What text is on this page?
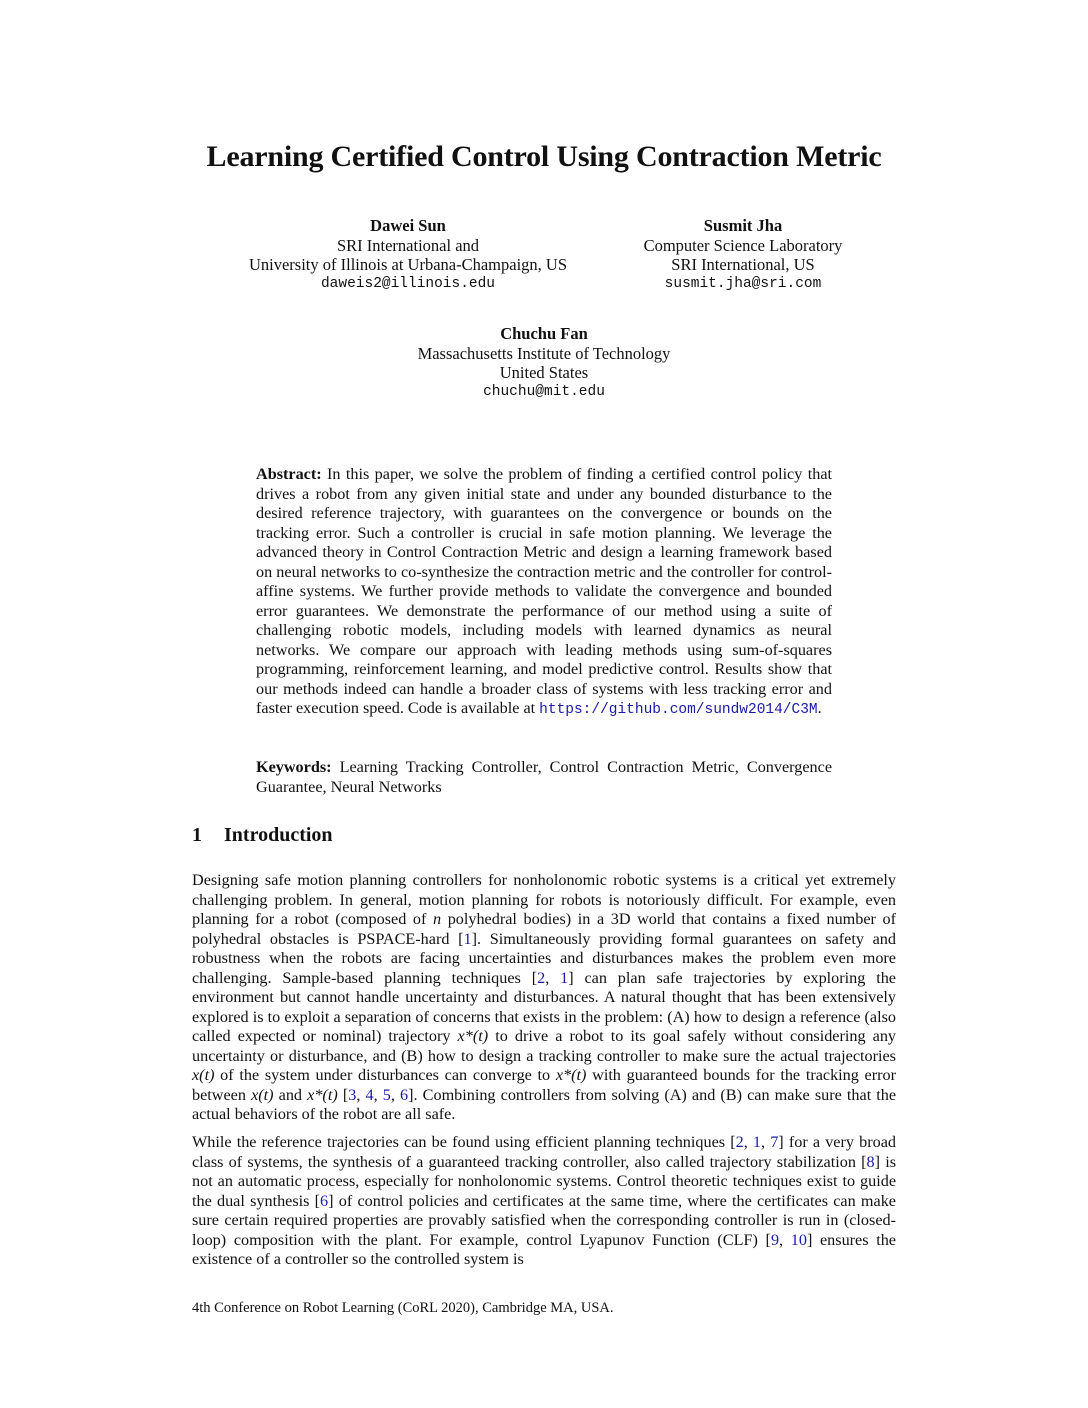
Learning Certified Control Using Contraction Metric
Dawei Sun
SRI International and
University of Illinois at Urbana-Champaign, US
daweis2@illinois.edu
Susmit Jha
Computer Science Laboratory
SRI International, US
susmit.jha@sri.com
Chuchu Fan
Massachusetts Institute of Technology
United States
chuchu@mit.edu
Abstract: In this paper, we solve the problem of finding a certified control policy that drives a robot from any given initial state and under any bounded disturbance to the desired reference trajectory, with guarantees on the convergence or bounds on the tracking error. Such a controller is crucial in safe motion planning. We leverage the advanced theory in Control Contraction Metric and design a learning framework based on neural networks to co-synthesize the contraction metric and the controller for control-affine systems. We further provide methods to validate the convergence and bounded error guarantees. We demonstrate the performance of our method using a suite of challenging robotic models, including models with learned dynamics as neural networks. We compare our approach with leading methods using sum-of-squares programming, reinforcement learning, and model predictive control. Results show that our methods indeed can handle a broader class of systems with less tracking error and faster execution speed. Code is available at https://github.com/sundw2014/C3M.
Keywords: Learning Tracking Controller, Control Contraction Metric, Convergence Guarantee, Neural Networks
1 Introduction
Designing safe motion planning controllers for nonholonomic robotic systems is a critical yet extremely challenging problem. In general, motion planning for robots is notoriously difficult. For example, even planning for a robot (composed of n polyhedral bodies) in a 3D world that contains a fixed number of polyhedral obstacles is PSPACE-hard [1]. Simultaneously providing formal guarantees on safety and robustness when the robots are facing uncertainties and disturbances makes the problem even more challenging. Sample-based planning techniques [2, 1] can plan safe trajectories by exploring the environment but cannot handle uncertainty and disturbances. A natural thought that has been extensively explored is to exploit a separation of concerns that exists in the problem: (A) how to design a reference (also called expected or nominal) trajectory x*(t) to drive a robot to its goal safely without considering any uncertainty or disturbance, and (B) how to design a tracking controller to make sure the actual trajectories x(t) of the system under disturbances can converge to x*(t) with guaranteed bounds for the tracking error between x(t) and x*(t) [3, 4, 5, 6]. Combining controllers from solving (A) and (B) can make sure that the actual behaviors of the robot are all safe.
While the reference trajectories can be found using efficient planning techniques [2, 1, 7] for a very broad class of systems, the synthesis of a guaranteed tracking controller, also called trajectory stabilization [8] is not an automatic process, especially for nonholonomic systems. Control theoretic techniques exist to guide the dual synthesis [6] of control policies and certificates at the same time, where the certificates can make sure certain required properties are provably satisfied when the corresponding controller is run in (closed-loop) composition with the plant. For example, control Lyapunov Function (CLF) [9, 10] ensures the existence of a controller so the controlled system is
4th Conference on Robot Learning (CoRL 2020), Cambridge MA, USA.
